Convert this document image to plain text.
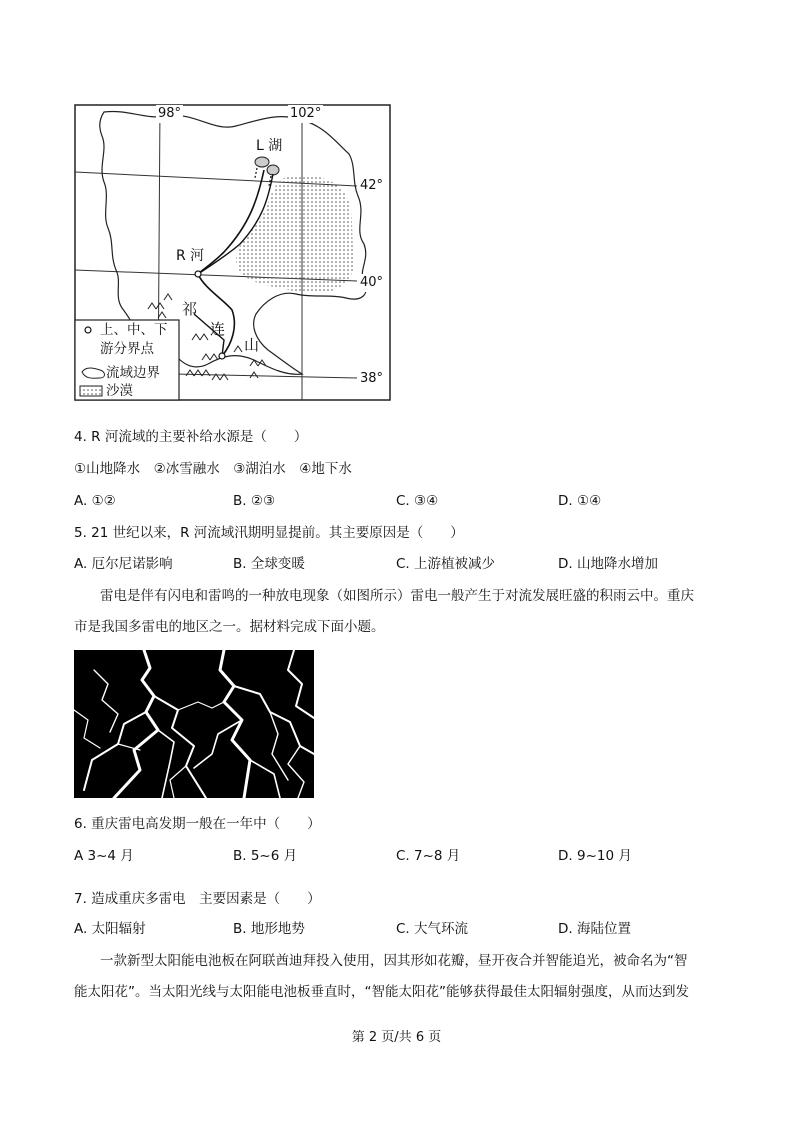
98°	102°
42°
40°
38°
L 湖
R 河
祁
连
山
上、中、下
游分界点
流域边界
沙漠
4. R 河流域的主要补给水源是（　　）
①山地降水　②冰雪融水　③湖泊水　④地下水
A. ①②	B. ②③	C. ③④	D. ①④
5. 21 世纪以来，R 河流域汛期明显提前。其主要原因是（　　）
A. 厄尔尼诺影响	B. 全球变暖	C. 上游植被减少	D. 山地降水增加
雷电是伴有闪电和雷鸣的一种放电现象（如图所示）雷电一般产生于对流发展旺盛的积雨云中。重庆
市是我国多雷电的地区之一。据材料完成下面小题。
6. 重庆雷电高发期一般在一年中（　　）
A 3~4 月	B. 5~6 月	C. 7~8 月	D. 9~10 月
7. 造成重庆多雷电　主要因素是（　　）
A. 太阳辐射	B. 地形地势	C. 大气环流	D. 海陆位置
一款新型太阳能电池板在阿联酋迪拜投入使用，因其形如花瓣，昼开夜合并智能追光，被命名为“智
能太阳花”。当太阳光线与太阳能电池板垂直时，“智能太阳花”能够获得最佳太阳辐射强度，从而达到发
第 2 页/共 6 页
